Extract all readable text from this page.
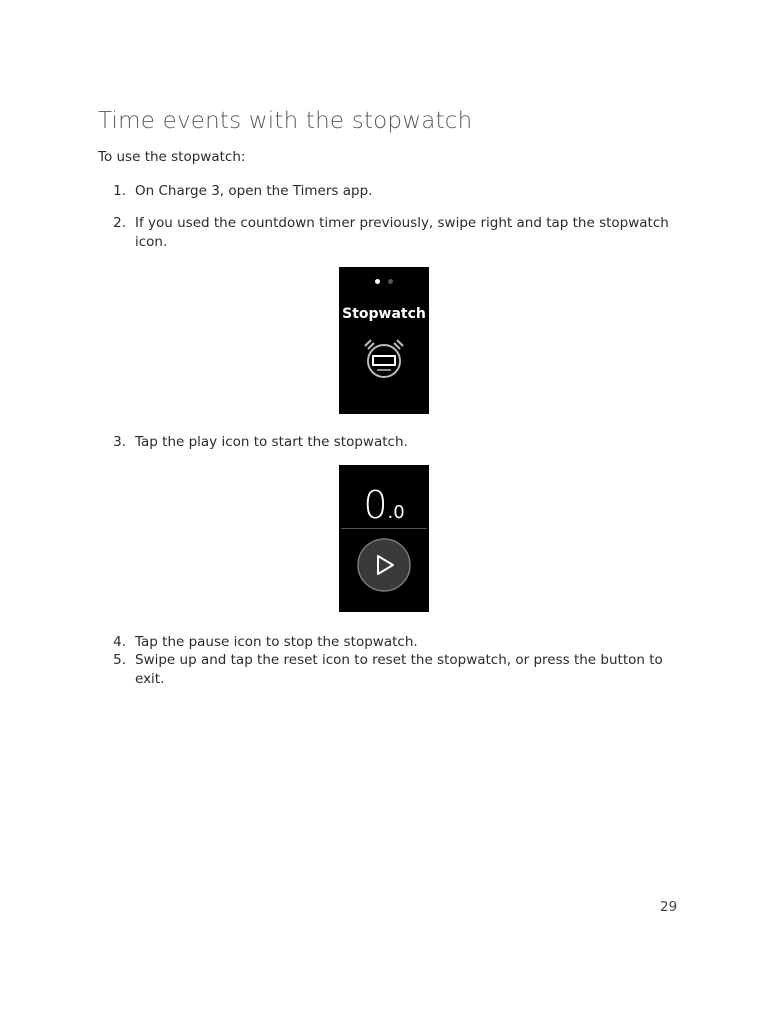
Time events with the stopwatch

To use the stopwatch:

1. On Charge 3, open the Timers app.
2. If you used the countdown timer previously, swipe right and tap the stopwatch icon.

Stopwatch
3. Tap the play icon to start the stopwatch.
0.0
4. Tap the pause icon to stop the stopwatch.
5. Swipe up and tap the reset icon to reset the stopwatch, or press the button to exit.
29
